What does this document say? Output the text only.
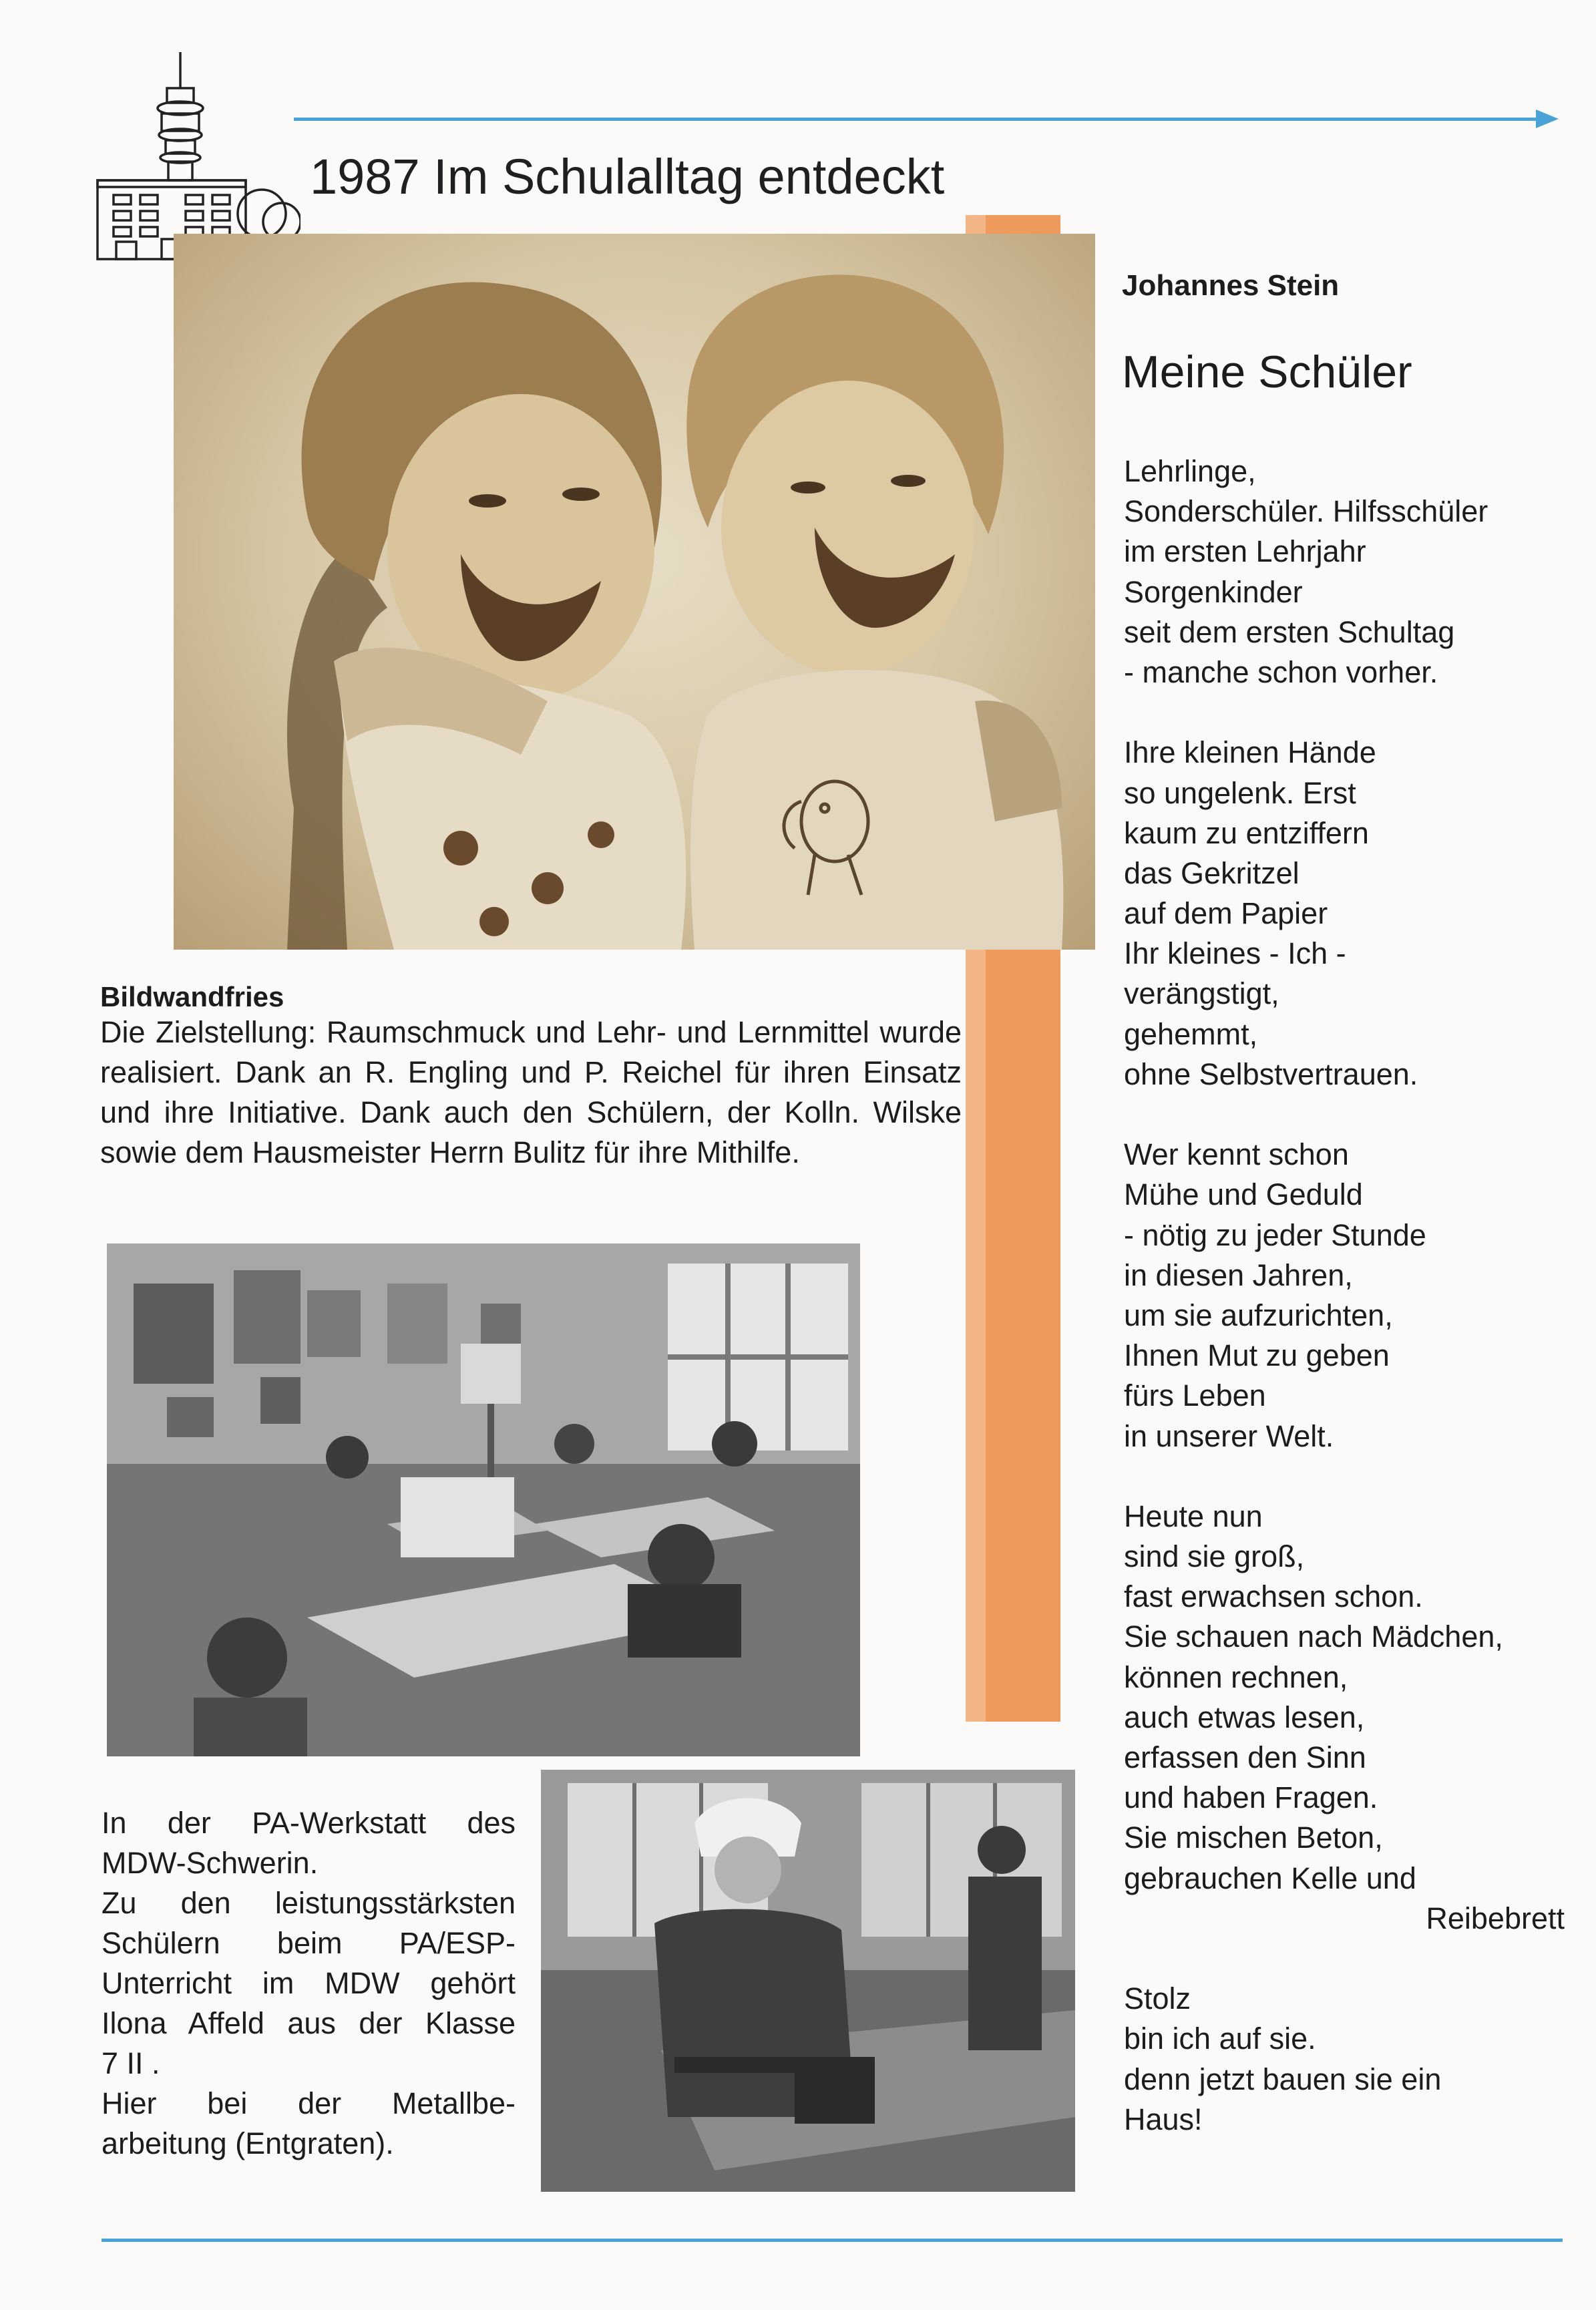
1987 Im Schulalltag entdeckt
Bildwandfries
Die Zielstellung: Raumschmuck und Lehr- und Lernmittel wurde realisiert. Dank an R. Engling und P. Reichel für ihren Einsatz und ihre Initiative. Dank auch den Schülern, der Kolln. Wilske sowie dem Hausmeister Herrn Bulitz für ihre Mithilfe.
In der PA-Werkstatt des
MDW-Schwerin.
Zu den leistungsstärksten
Schülern beim PA/ESP-
Unterricht im MDW gehört
Ilona Affeld aus der Klasse
7 II .
Hier bei der Metallbe-
arbeitung (Entgraten).
Johannes Stein
Meine Schüler
Lehrlinge,
Sonderschüler. Hilfsschüler
im ersten Lehrjahr
Sorgenkinder
seit dem ersten Schultag
- manche schon vorher.
Ihre kleinen Hände
so ungelenk. Erst
kaum zu entziffern
das Gekritzel
auf dem Papier
Ihr kleines - Ich -
verängstigt,
gehemmt,
ohne Selbstvertrauen.
Wer kennt schon
Mühe und Geduld
- nötig zu jeder Stunde
in diesen Jahren,
um sie aufzurichten,
Ihnen Mut zu geben
fürs Leben
in unserer Welt.
Heute nun
sind sie groß,
fast erwachsen schon.
Sie schauen nach Mädchen,
können rechnen,
auch etwas lesen,
erfassen den Sinn
und haben Fragen.
Sie mischen Beton,
gebrauchen Kelle und
Reibebrett
Stolz
bin ich auf sie.
denn jetzt bauen sie ein
Haus!
